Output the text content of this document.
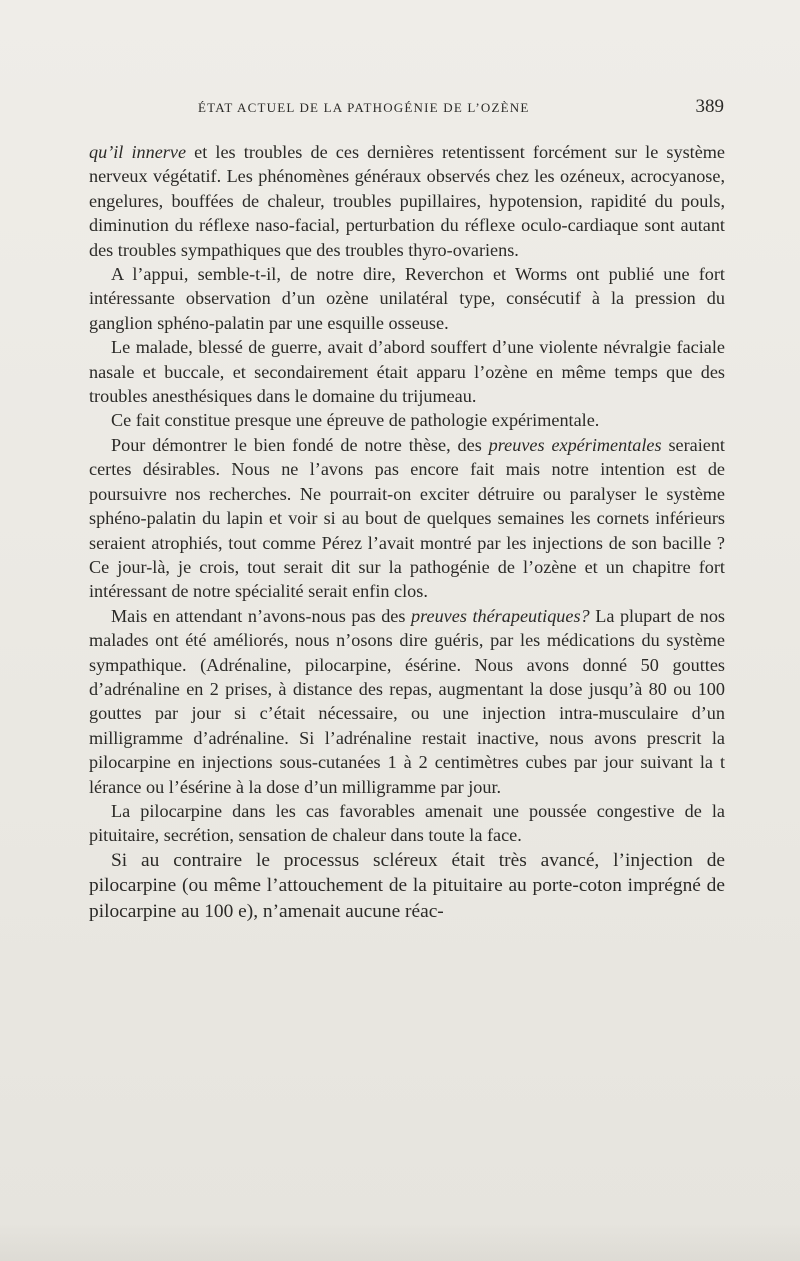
ÉTAT ACTUEL DE LA PATHOGÉNIE DE L’OZÈNE	389

qu’il innerve et les troubles de ces dernières retentissent forcément sur le système nerveux végétatif. Les phénomènes généraux observés chez les ozéneux, acrocyanose, engelures, bouffées de chaleur, troubles pupillaires, hypotension, rapidité du pouls, diminution du réflexe naso-facial, perturbation du réflexe oculo-cardiaque sont autant des troubles sympathiques que des troubles thyro-ovariens.

A l’appui, semble-t-il, de notre dire, Reverchon et Worms ont publié une fort intéressante observation d’un ozène unilatéral type, consécutif à la pression du ganglion sphéno-palatin par une esquille osseuse.

Le malade, blessé de guerre, avait d’abord souffert d’une violente névralgie faciale nasale et buccale, et secondairement était apparu l’ozène en même temps que des troubles anesthésiques dans le domaine du trijumeau.

Ce fait constitue presque une épreuve de pathologie expérimentale.

Pour démontrer le bien fondé de notre thèse, des preuves expérimentales seraient certes désirables. Nous ne l’avons pas encore fait mais notre intention est de poursuivre nos recherches. Ne pourrait-on exciter détruire ou paralyser le système sphéno-palatin du lapin et voir si au bout de quelques semaines les cornets inférieurs seraient atrophiés, tout comme Pérez l’avait montré par les injections de son bacille ? Ce jour-là, je crois, tout serait dit sur la pathogénie de l’ozène et un chapitre fort intéressant de notre spécialité serait enfin clos.

Mais en attendant n’avons-nous pas des preuves thérapeutiques? La plupart de nos malades ont été améliorés, nous n’osons dire guéris, par les médications du système sympathique. (Adrénaline, pilocarpine, ésérine. Nous avons donné 50 gouttes d’adrénaline en 2 prises, à distance des repas, augmentant la dose jusqu’à 80 ou 100 gouttes par jour si c’était nécessaire, ou une injection intra-musculaire d’un milligramme d’adrénaline. Si l’adrénaline restait inactive, nous avons prescrit la pilocarpine en injections sous-cutanées 1 à 2 centimètres cubes par jour suivant la t lérance ou l’ésérine à la dose d’un milligramme par jour.

La pilocarpine dans les cas favorables amenait une poussée congestive de la pituitaire, secrétion, sensation de chaleur dans toute la face.

Si au contraire le processus scléreux était très avancé, l’injection de pilocarpine (ou même l’attouchement de la pituitaire au porte-coton imprégné de pilocarpine au 100 e), n’amenait aucune réac-
